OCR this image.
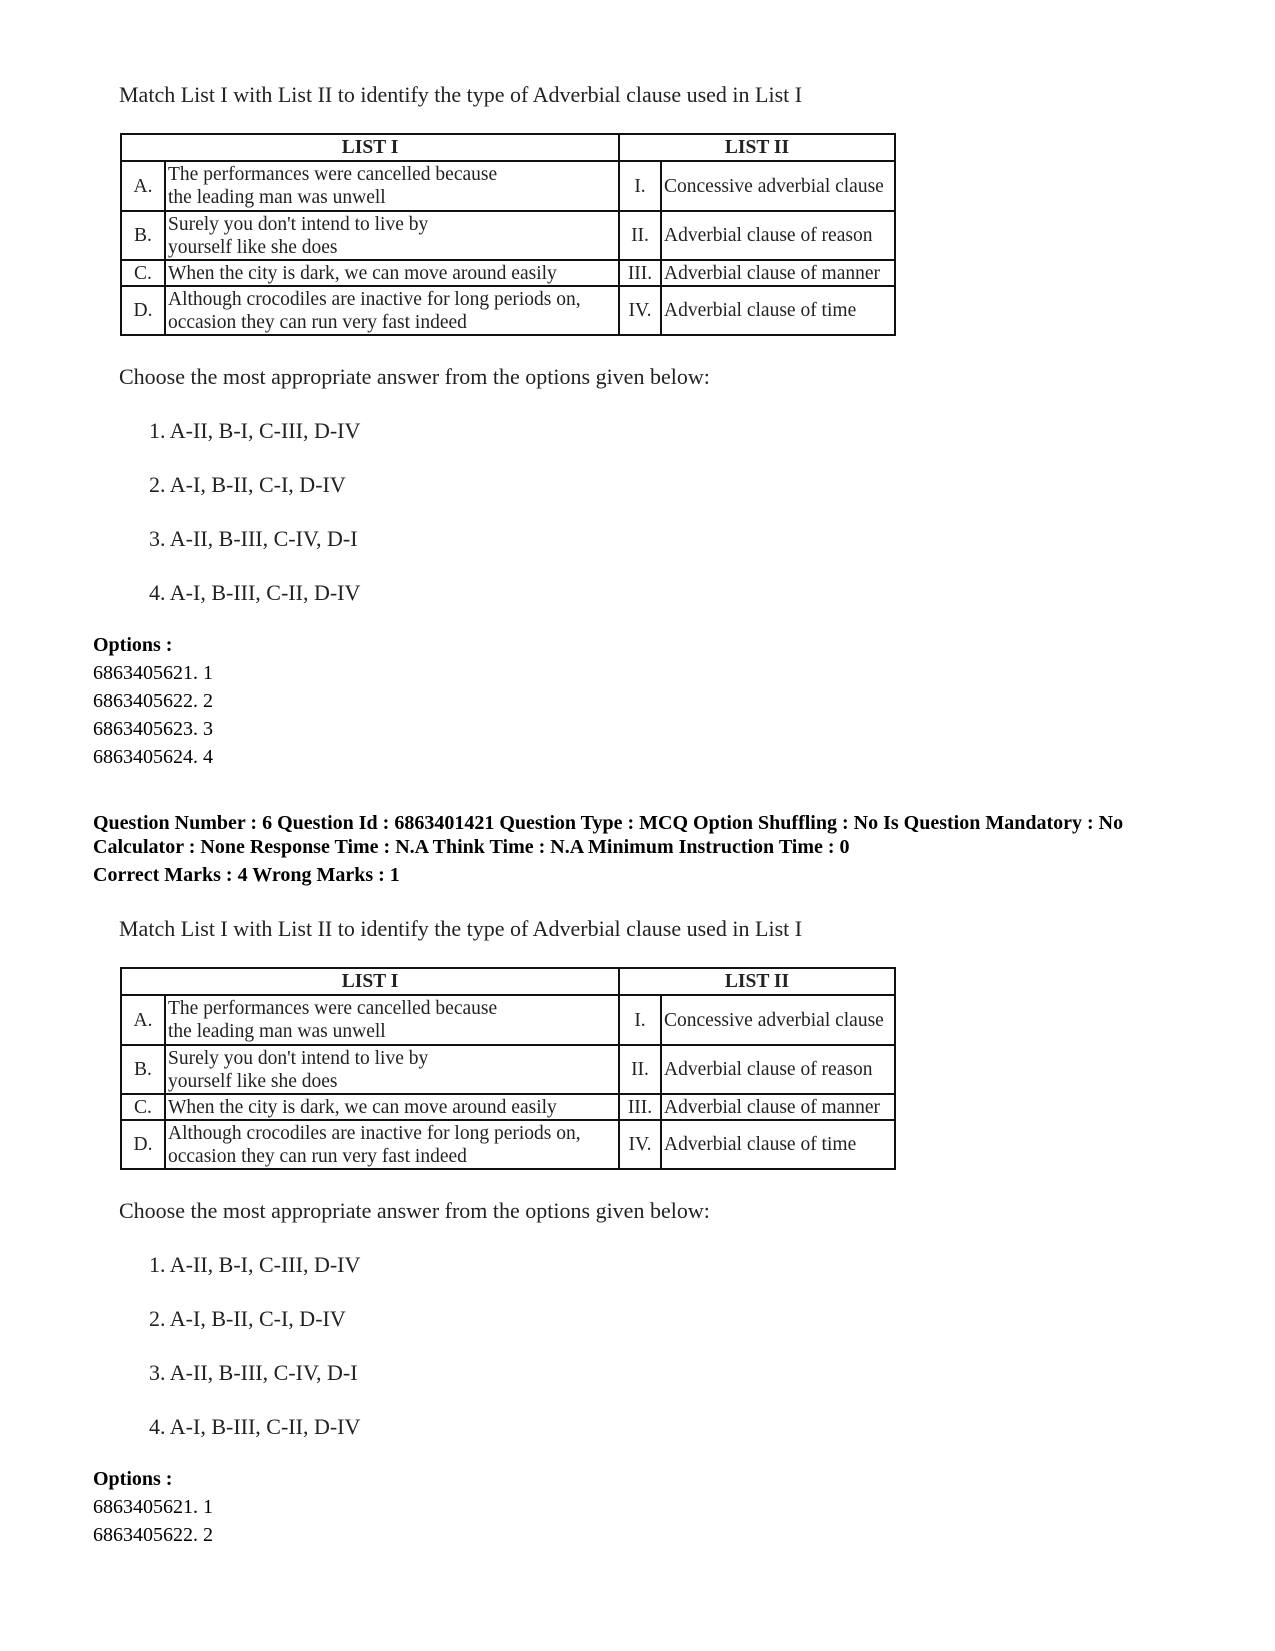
Match List I with List II to identify the type of Adverbial clause used in List I
LIST I		LIST II	
A.	The performances were cancelled because
the leading man was unwell	I.	Concessive adverbial clause
B.	Surely you don't intend to live by
yourself like she does	II.	Adverbial clause of reason
C.	When the city is dark, we can move around easily	III.	Adverbial clause of manner
D.	Although crocodiles are inactive for long periods on,
occasion they can run very fast indeed	IV.	Adverbial clause of time
Choose the most appropriate answer from the options given below:
1. A-II, B-I, C-III, D-IV
2. A-I, B-II, C-I, D-IV
3. A-II, B-III, C-IV, D-I
4. A-I, B-III, C-II, D-IV
Options :
6863405621. 1
6863405622. 2
6863405623. 3
6863405624. 4
Question Number : 6 Question Id : 6863401421 Question Type : MCQ Option Shuffling : No Is Question Mandatory : No
Calculator : None Response Time : N.A Think Time : N.A Minimum Instruction Time : 0
Correct Marks : 4 Wrong Marks : 1
Match List I with List II to identify the type of Adverbial clause used in List I
LIST I		LIST II	
A.	The performances were cancelled because
the leading man was unwell	I.	Concessive adverbial clause
B.	Surely you don't intend to live by
yourself like she does	II.	Adverbial clause of reason
C.	When the city is dark, we can move around easily	III.	Adverbial clause of manner
D.	Although crocodiles are inactive for long periods on,
occasion they can run very fast indeed	IV.	Adverbial clause of time
Choose the most appropriate answer from the options given below:
1. A-II, B-I, C-III, D-IV
2. A-I, B-II, C-I, D-IV
3. A-II, B-III, C-IV, D-I
4. A-I, B-III, C-II, D-IV
Options :
6863405621. 1
6863405622. 2
